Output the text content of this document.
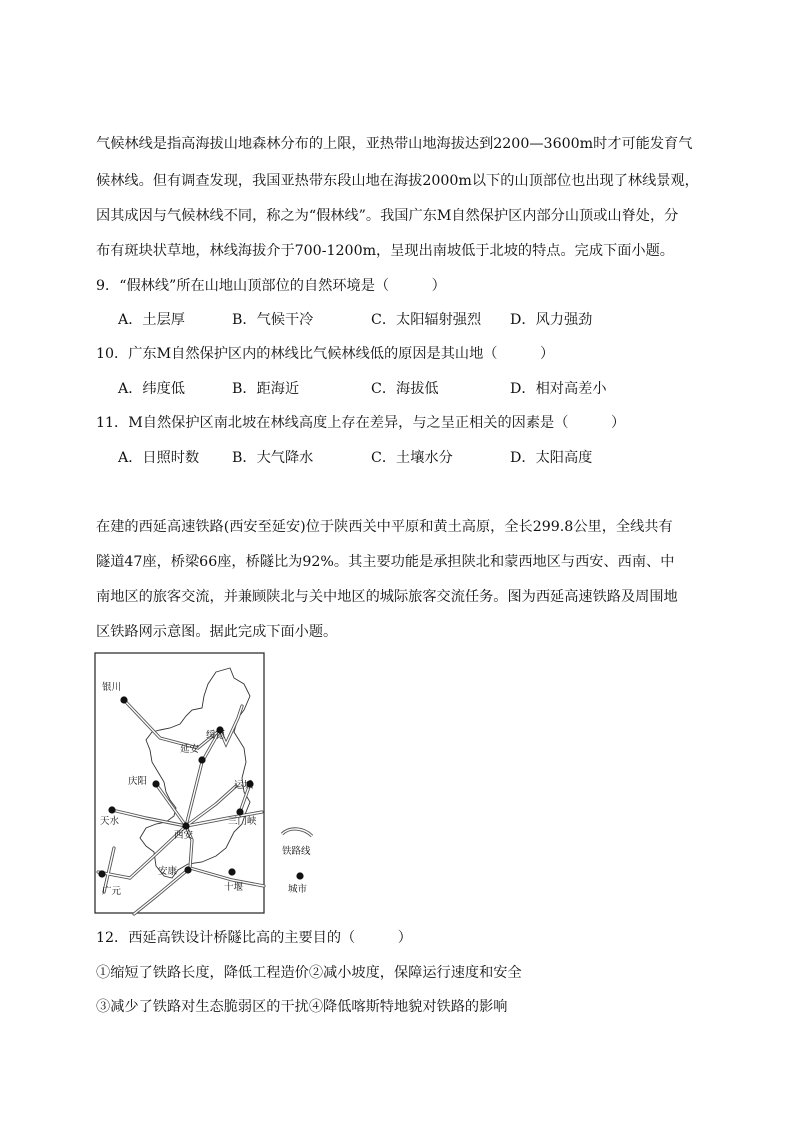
气候林线是指高海拔山地森林分布的上限，亚热带山地海拔达到2200—3600m时才可能发育气
候林线。但有调查发现，我国亚热带东段山地在海拔2000m以下的山顶部位也出现了林线景观，
因其成因与气候林线不同，称之为“假林线”。我国广东M自然保护区内部分山顶或山脊处，分
布有斑块状草地，林线海拔介于700-1200m，呈现出南坡低于北坡的特点。完成下面小题。
9．“假林线”所在山地山顶部位的自然环境是（　　　）
A．土层厚	B．气候干冷	C．太阳辐射强烈 D．风力强劲
10．广东M自然保护区内的林线比气候林线低的原因是其山地（　　　）
A．纬度低	B．距海近	C．海拔低	D．相对高差小
11．M自然保护区南北坡在林线高度上存在差异，与之呈正相关的因素是（　　　）
A．日照时数 B．大气降水	C．土壤水分	D．太阳高度
在建的西延高速铁路(西安至延安)位于陕西关中平原和黄土高原，全长299.8公里，全线共有
隧道47座，桥梁66座，桥隧比为92%。其主要功能是承担陕北和蒙西地区与西安、西南、中
南地区的旅客交流，并兼顾陕北与关中地区的城际旅客交流任务。图为西延高速铁路及周围地
区铁路网示意图。据此完成下面小题。
银川
绥德
延安
庆阳	运城
天水	三门峡
西安
安康
十堰
广元
铁路线
城市
12．西延高铁设计桥隧比高的主要目的（　　　）
①缩短了铁路长度，降低工程造价②减小坡度，保障运行速度和安全
③减少了铁路对生态脆弱区的干扰④降低喀斯特地貌对铁路的影响
